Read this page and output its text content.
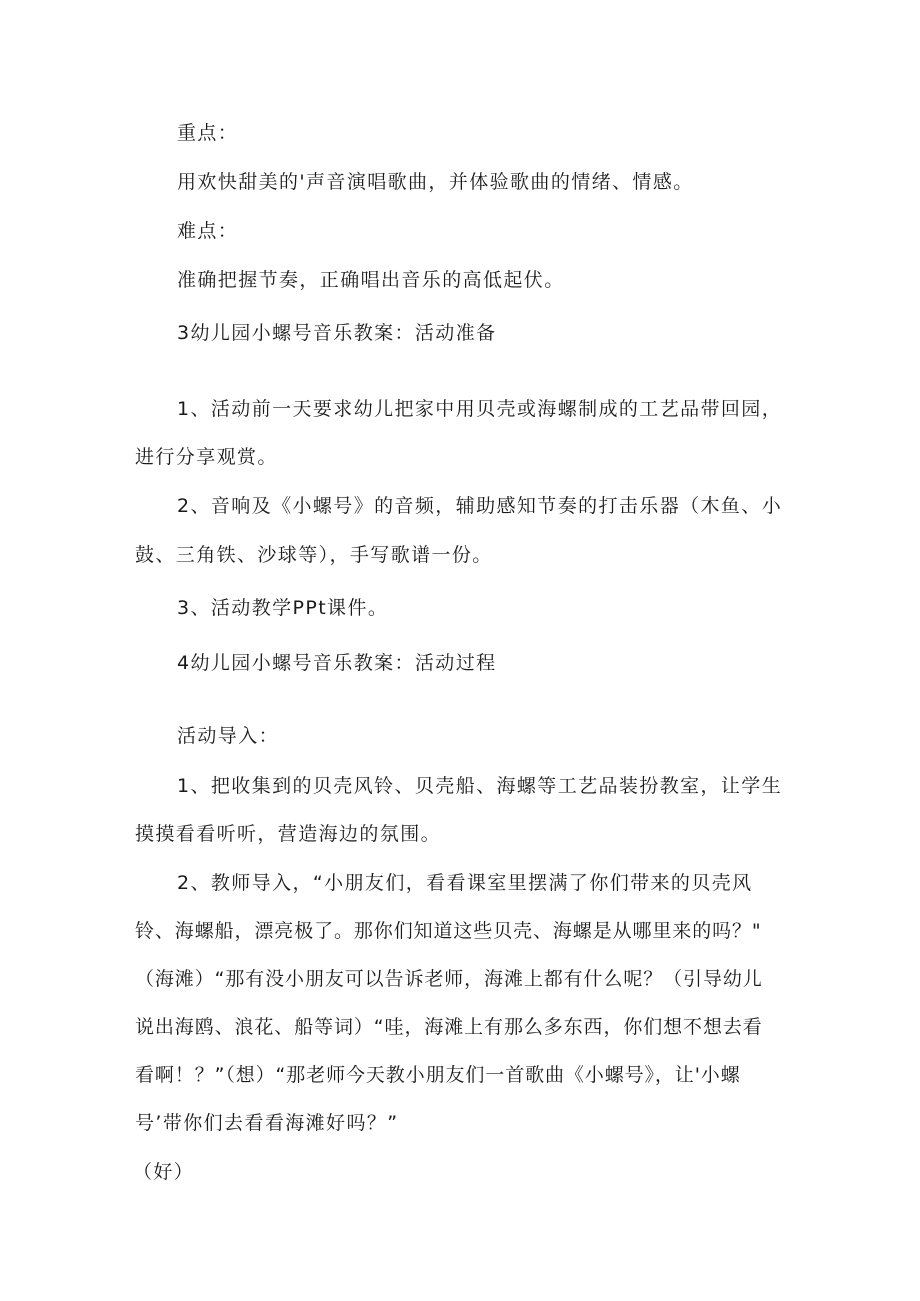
重点：
用欢快甜美的'声音演唱歌曲，并体验歌曲的情绪、情感。
难点：
准确把握节奏，正确唱出音乐的高低起伏。
3幼儿园小螺号音乐教案：活动准备
1、活动前一天要求幼儿把家中用贝壳或海螺制成的工艺品带回园，
进行分享观赏。
2、音响及《小螺号》的音频，辅助感知节奏的打击乐器（木鱼、小
鼓、三角铁、沙球等），手写歌谱一份。
3、活动教学PPt课件。
4幼儿园小螺号音乐教案：活动过程
活动导入：
1、把收集到的贝壳风铃、贝壳船、海螺等工艺品装扮教室，让学生
摸摸看看听听，营造海边的氛围。
2、教师导入，“小朋友们，看看课室里摆满了你们带来的贝壳风
铃、海螺船，漂亮极了。那你们知道这些贝壳、海螺是从哪里来的吗？"
（海滩）“那有没小朋友可以告诉老师，海滩上都有什么呢？（引导幼儿
说出海鸥、浪花、船等词）“哇，海滩上有那么多东西，你们想不想去看
看啊！？”（想）“那老师今天教小朋友们一首歌曲《小螺号》，让'小螺
号’带你们去看看海滩好吗？”
（好）
